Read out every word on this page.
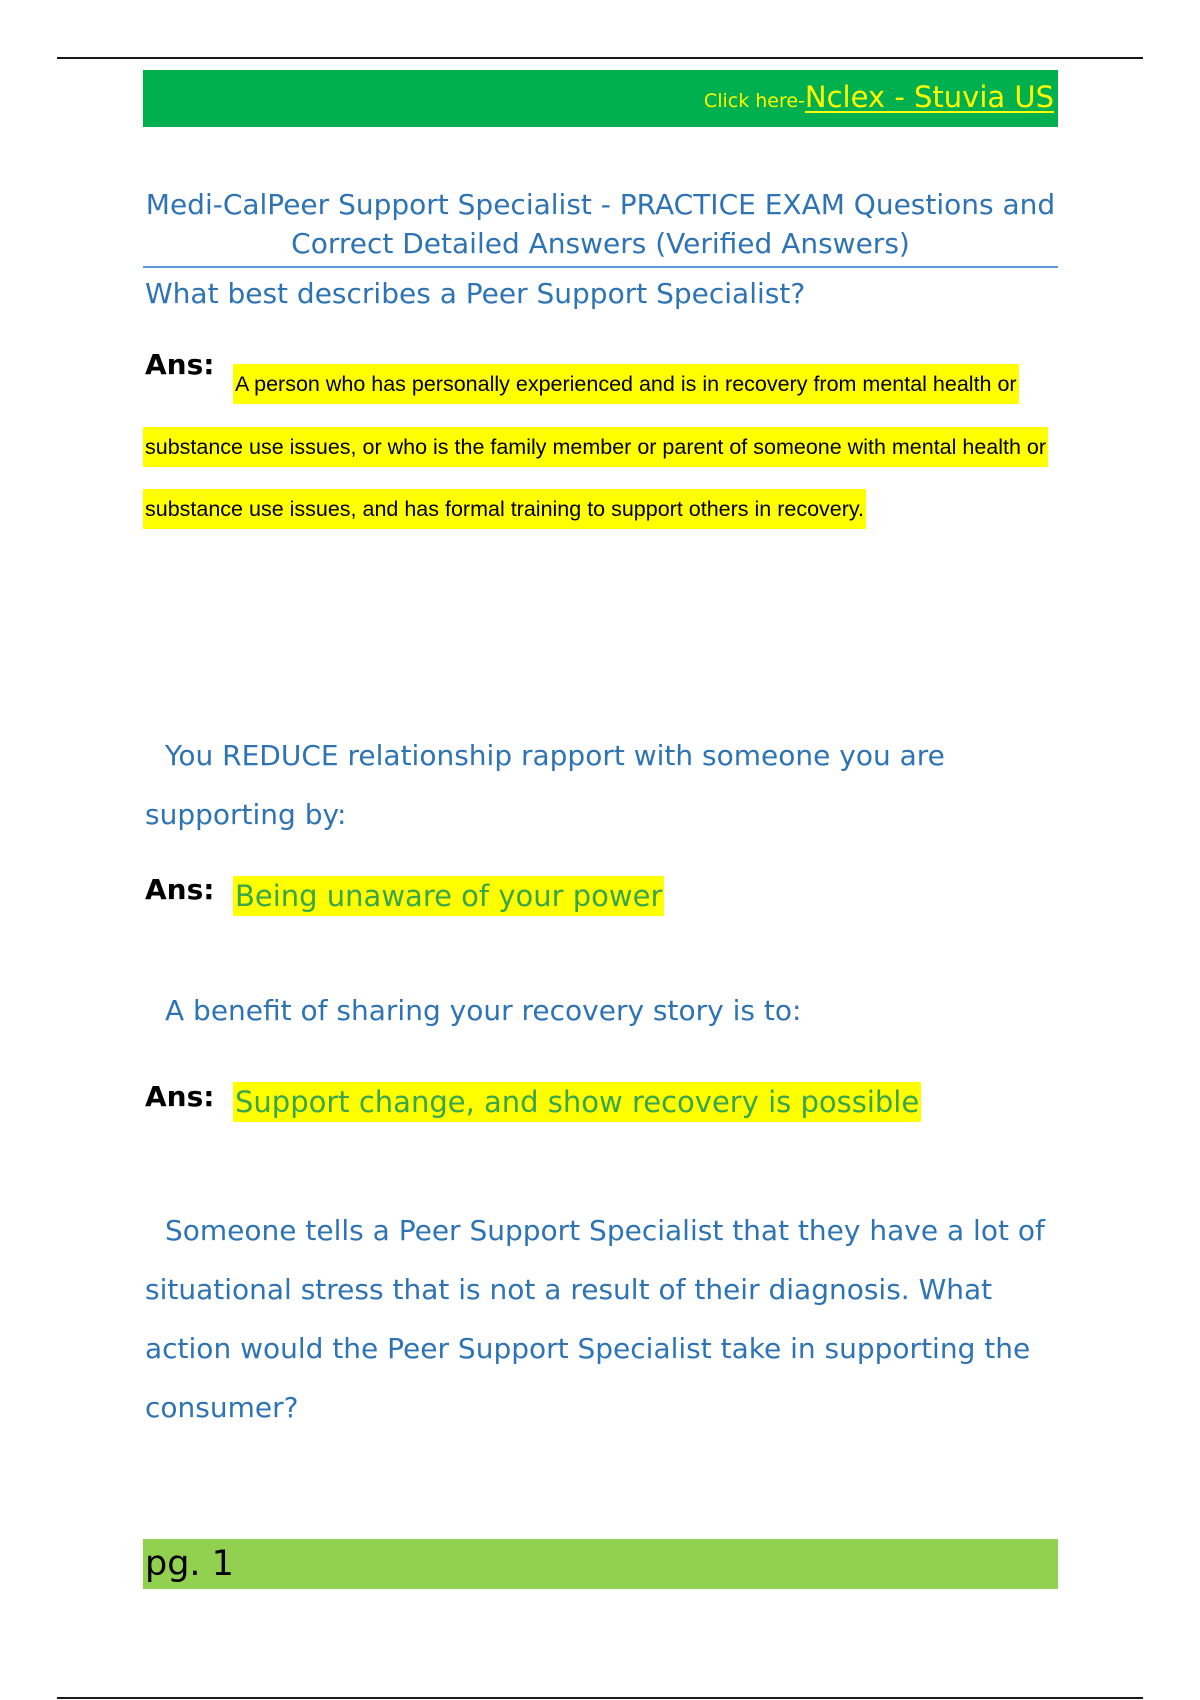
Click here-Nclex - Stuvia US
Medi-CalPeer Support Specialist - PRACTICE EXAM Questions and Correct Detailed Answers (Verified Answers)

What best describes a Peer Support Specialist?

Ans:

A person who has personally experienced and is in recovery from mental health or substance use issues, or who is the family member or parent of someone with mental health or substance use issues, and has formal training to support others in recovery.

You REDUCE relationship rapport with someone you are supporting by:

Ans: Being unaware of your power

A benefit of sharing your recovery story is to:

Ans: Support change, and show recovery is possible

Someone tells a Peer Support Specialist that they have a lot of situational stress that is not a result of their diagnosis. What action would the Peer Support Specialist take in supporting the consumer?

pg. 1
